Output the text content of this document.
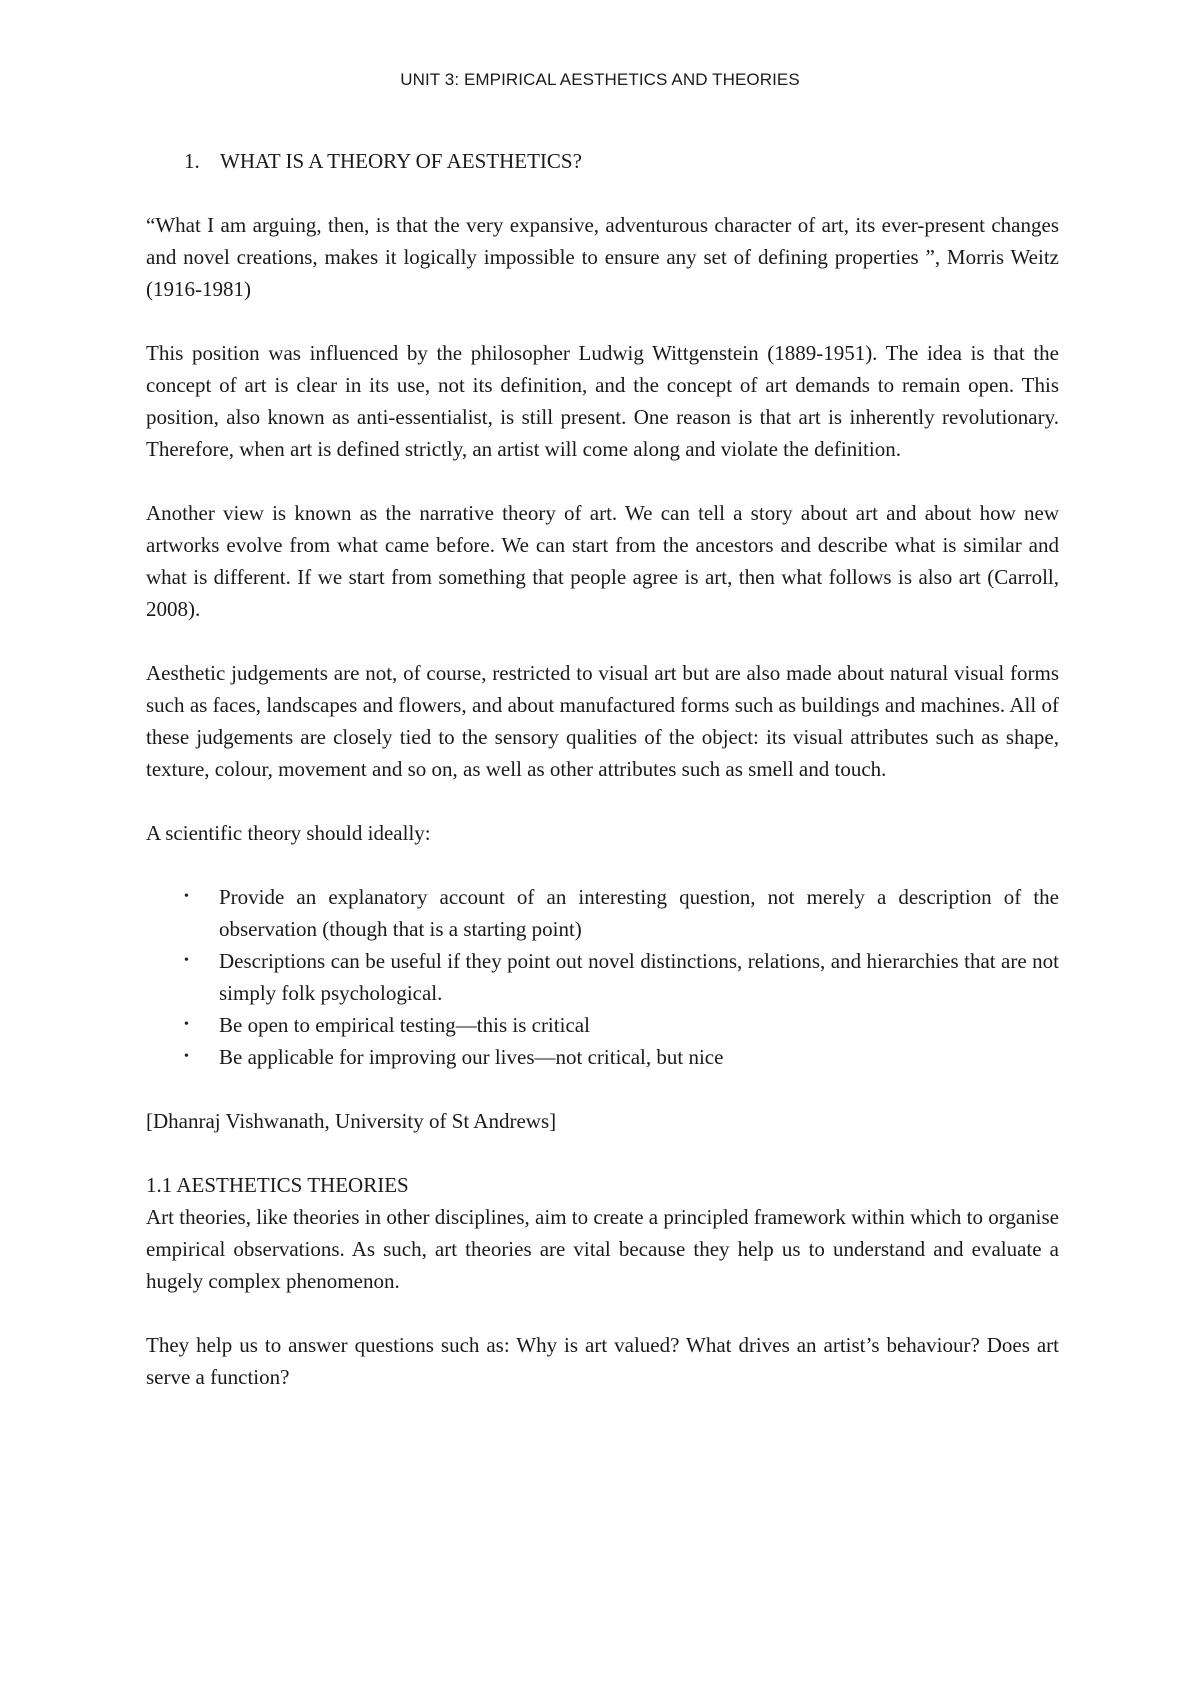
UNIT 3: EMPIRICAL AESTHETICS AND THEORIES
1. WHAT IS A THEORY OF AESTHETICS?

“What I am arguing, then, is that the very expansive, adventurous character of art, its ever-present changes and novel creations, makes it logically impossible to ensure any set of defining properties ”, Morris Weitz (1916-1981)

This position was influenced by the philosopher Ludwig Wittgenstein (1889-1951). The idea is that the concept of art is clear in its use, not its definition, and the concept of art demands to remain open. This position, also known as anti-essentialist, is still present. One reason is that art is inherently revolutionary. Therefore, when art is defined strictly, an artist will come along and violate the definition.

Another view is known as the narrative theory of art. We can tell a story about art and about how new artworks evolve from what came before. We can start from the ancestors and describe what is similar and what is different. If we start from something that people agree is art, then what follows is also art (Carroll, 2008).

Aesthetic judgements are not, of course, restricted to visual art but are also made about natural visual forms such as faces, landscapes and flowers, and about manufactured forms such as buildings and machines. All of these judgements are closely tied to the sensory qualities of the object: its visual attributes such as shape, texture, colour, movement and so on, as well as other attributes such as smell and touch.

A scientific theory should ideally:

• Provide an explanatory account of an interesting question, not merely a description of the observation (though that is a starting point)
• Descriptions can be useful if they point out novel distinctions, relations, and hierarchies that are not simply folk psychological.
• Be open to empirical testing—this is critical
• Be applicable for improving our lives—not critical, but nice

[Dhanraj Vishwanath, University of St Andrews]

1.1 AESTHETICS THEORIES

Art theories, like theories in other disciplines, aim to create a principled framework within which to organise empirical observations. As such, art theories are vital because they help us to understand and evaluate a hugely complex phenomenon.

They help us to answer questions such as: Why is art valued? What drives an artist’s behaviour? Does art serve a function?
